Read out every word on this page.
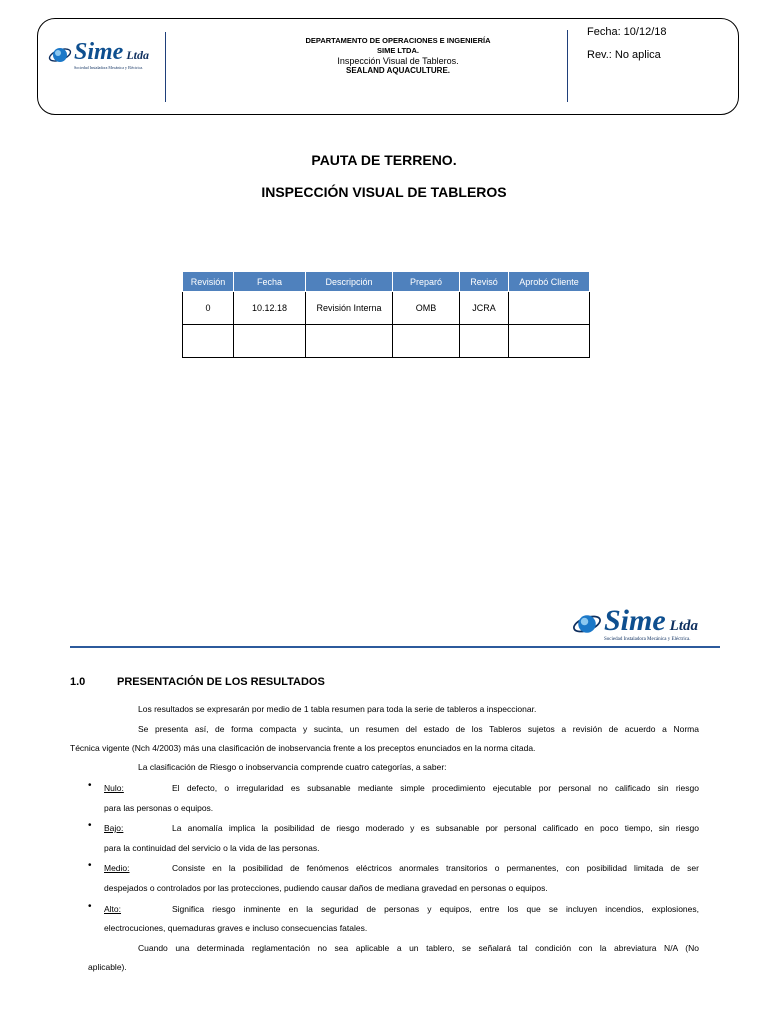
Sime Ltda
Sociedad Instaladora Mecánica y Eléctrica.
DEPARTAMENTO DE OPERACIONES E INGENIERÍA
SIME LTDA.
Inspección Visual de Tableros.
SEALAND AQUACULTURE.
Fecha: 10/12/18
Rev.: No aplica
PAUTA DE TERRENO.
INSPECCIÓN VISUAL DE TABLEROS
Revisión	Fecha	Descripción	Preparó	Revisó	Aprobó Cliente
0	10.12.18	Revisión Interna	OMB	JCRA	

Sime Ltda
Sociedad Instaladora Mecánica y Eléctrica.
1.0	PRESENTACIÓN DE LOS RESULTADOS
Los resultados se expresarán por medio de 1 tabla resumen para toda la serie de tableros a inspeccionar.
Se presenta así, de forma compacta y sucinta, un resumen del estado de los Tableros sujetos a revisión de acuerdo a Norma
Técnica vigente (Nch 4/2003) más una clasificación de inobservancia frente a los preceptos enunciados en la norma citada.
La clasificación de Riesgo o inobservancia comprende cuatro categorías, a saber:
• Nulo:	El defecto, o irregularidad es subsanable mediante simple procedimiento ejecutable por personal no calificado sin riesgo
para las personas o equipos.
• Bajo:	La anomalía implica la posibilidad de riesgo moderado y es subsanable por personal calificado en poco tiempo, sin riesgo
para la continuidad del servicio o la vida de las personas.
• Medio:	Consiste en la posibilidad de fenómenos eléctricos anormales transitorios o permanentes, con posibilidad limitada de ser
despejados o controlados por las protecciones, pudiendo causar daños de mediana gravedad en personas o equipos.
• Alto:	Significa riesgo inminente en la seguridad de personas y equipos, entre los que se incluyen incendios, explosiones,
electrocuciones, quemaduras graves e incluso consecuencias fatales.
Cuando una determinada reglamentación no sea aplicable a un tablero, se señalará tal condición con la abreviatura N/A (No
aplicable).
